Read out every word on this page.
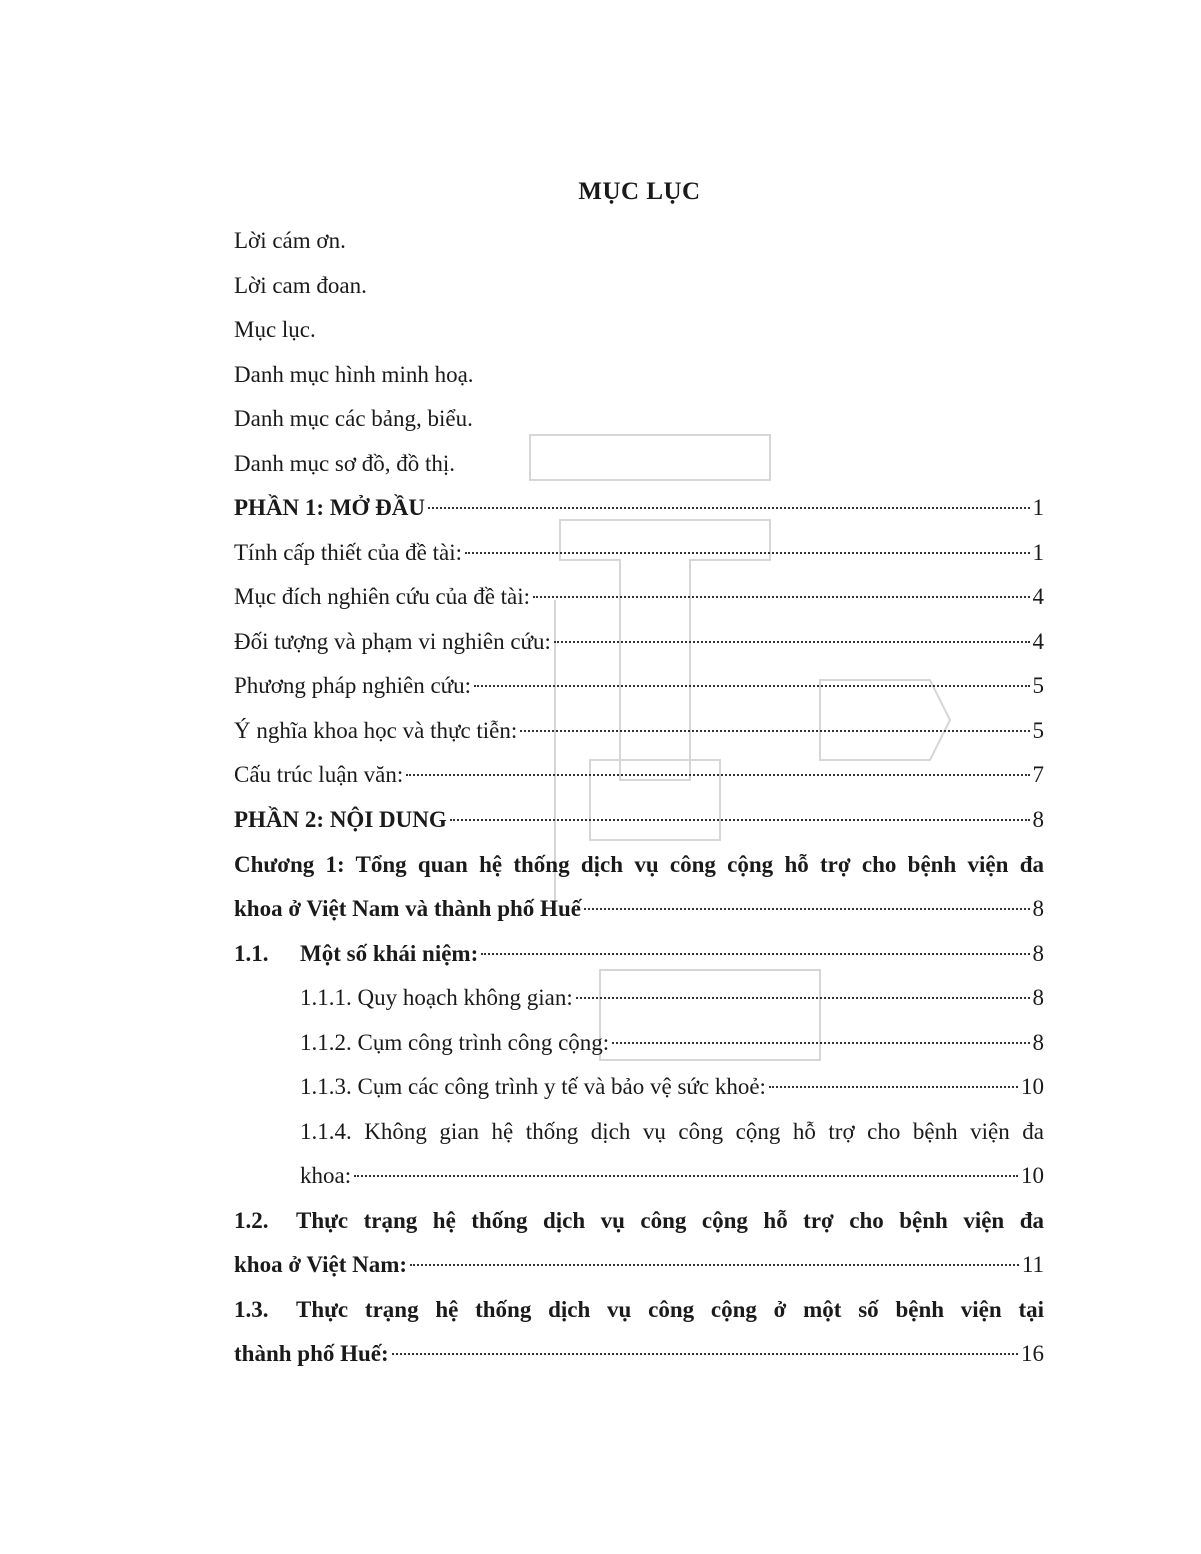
MỤC LỤC
Lời cám ơn.
Lời cam đoan.
Mục lục.
Danh mục hình minh hoạ.
Danh mục các bảng, biểu.
Danh mục sơ đồ, đồ thị.
PHẦN 1: MỞ ĐẦU	1
Tính cấp thiết của đề tài:	1
Mục đích nghiên cứu của đề tài:	4
Đối tượng và phạm vi nghiên cứu:	4
Phương pháp nghiên cứu:	5
Ý nghĩa khoa học và thực tiễn:	5
Cấu trúc luận văn:	7
PHẦN 2: NỘI DUNG	8
Chương 1: Tổng quan hệ thống dịch vụ công cộng hỗ trợ cho bệnh viện đa
khoa ở Việt Nam và thành phố Huế	8
1.1. Một số khái niệm:	8
1.1.1. Quy hoạch không gian:	8
1.1.2. Cụm công trình công cộng:	8
1.1.3. Cụm các công trình y tế và bảo vệ sức khoẻ:	10
1.1.4. Không gian hệ thống dịch vụ công cộng hỗ trợ cho bệnh viện đa
khoa:	10
1.2.	Thực trạng hệ thống dịch vụ công cộng hỗ trợ cho bệnh viện đa
khoa ở Việt Nam:	11
1.3.	Thực trạng hệ thống dịch vụ công cộng ở một số bệnh viện tại
thành phố Huế:	16
